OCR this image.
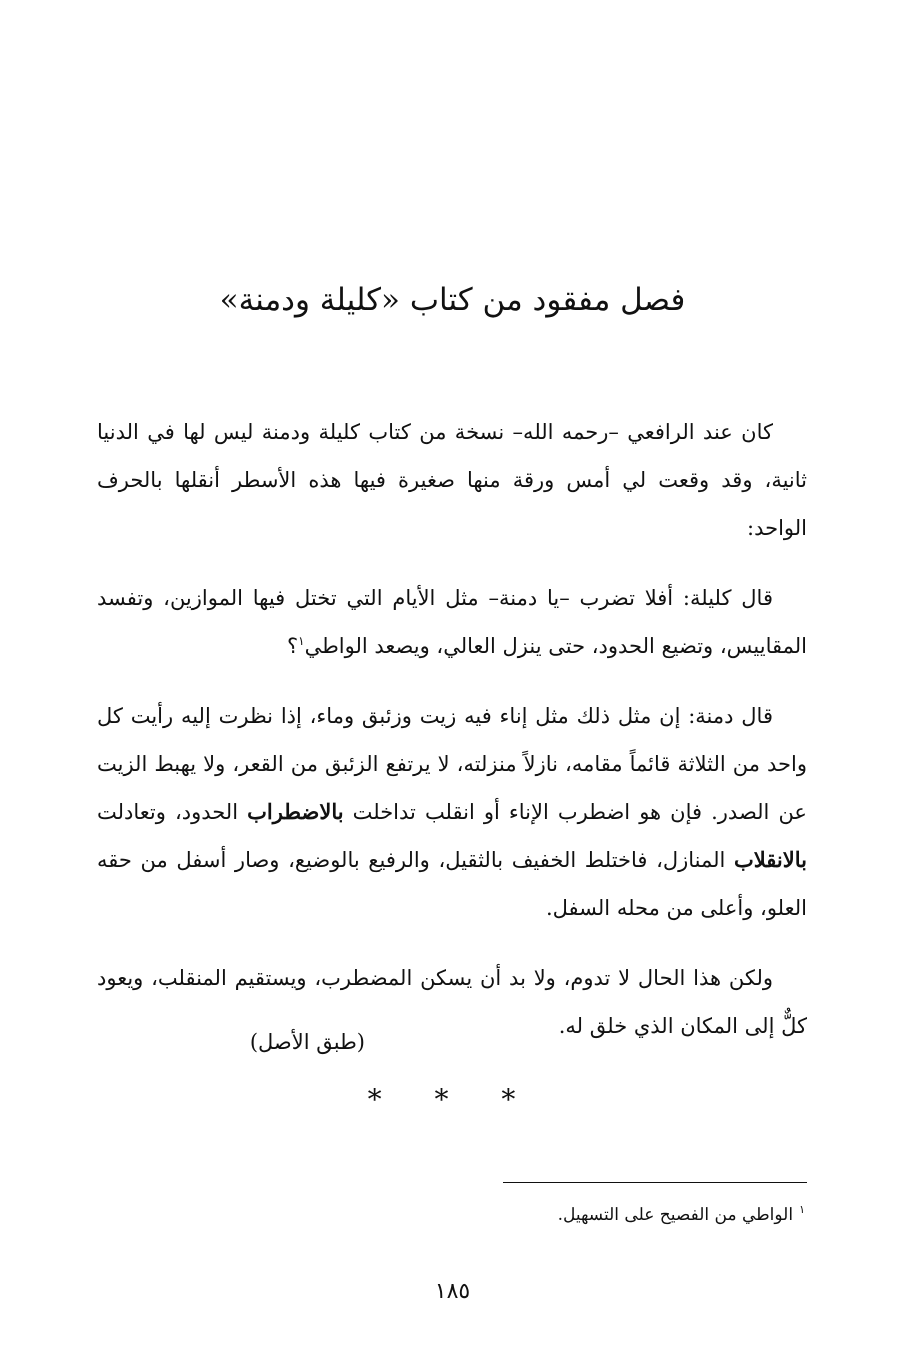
فصل مفقود من كتاب «كليلة ودمنة»

كان عند الرافعي –رحمه الله– نسخة من كتاب كليلة ودمنة ليس لها في الدنيا ثانية، وقد وقعت لي أمس ورقة منها صغيرة فيها هذه الأسطر أنقلها بالحرف الواحد:

قال كليلة: أفلا تضرب –يا دمنة– مثل الأيام التي تختل فيها الموازين، وتفسد المقاييس، وتضيع الحدود، حتى ينزل العالي، ويصعد الواطي$^١$؟

قال دمنة: إن مثل ذلك مثل إناء فيه زيت وزئبق وماء، إذا نظرت إليه رأيت كل واحد من الثلاثة قائماً مقامه، نازلاً منزلته، لا يرتفع الزئبق من القعر، ولا يهبط الزيت عن الصدر. فإن هو اضطرب الإناء أو انقلب تداخلت بالاضطراب الحدود، وتعادلت بالانقلاب المنازل، فاختلط الخفيف بالثقيل، والرفيع بالوضيع، وصار أسفل من حقه العلو، وأعلى من محله السفل.

ولكن هذا الحال لا تدوم، ولا بد أن يسكن المضطرب، ويستقيم المنقلب، ويعود كلٌّ إلى المكان الذي خلق له.

(طبق الأصل)
* * *
$^١$الواطي من الفصيح على التسهيل.
١٨٥
